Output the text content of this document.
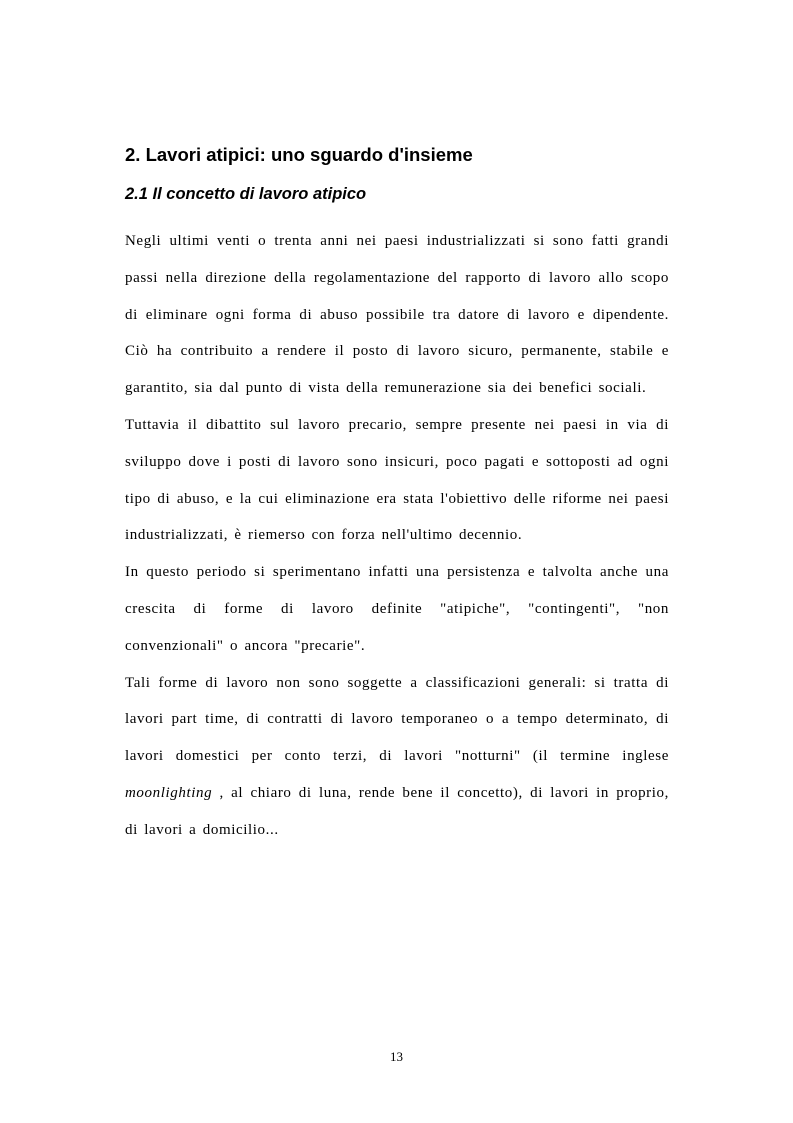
2. Lavori atipici: uno sguardo d'insieme
2.1 Il concetto di lavoro atipico

Negli ultimi venti o trenta anni nei paesi industrializzati si sono fatti grandi passi nella direzione della regolamentazione del rapporto di lavoro allo scopo di eliminare ogni forma di abuso possibile tra datore di lavoro e dipendente. Ciò ha contribuito a rendere il posto di lavoro sicuro, permanente, stabile e garantito, sia dal punto di vista della remunerazione sia dei benefici sociali.

Tuttavia il dibattito sul lavoro precario, sempre presente nei paesi in via di sviluppo dove i posti di lavoro sono insicuri, poco pagati e sottoposti ad ogni tipo di abuso, e la cui eliminazione era stata l'obiettivo delle riforme nei paesi industrializzati, è riemerso con forza nell'ultimo decennio.

In questo periodo si sperimentano infatti una persistenza e talvolta anche una crescita di forme di lavoro definite "atipiche", "contingenti", "non convenzionali" o ancora "precarie".

Tali forme di lavoro non sono soggette a classificazioni generali: si tratta di lavori part time, di contratti di lavoro temporaneo o a tempo determinato, di lavori domestici per conto terzi, di lavori "notturni" (il termine inglese moonlighting , al chiaro di luna, rende bene il concetto), di lavori in proprio, di lavori a domicilio...

13
